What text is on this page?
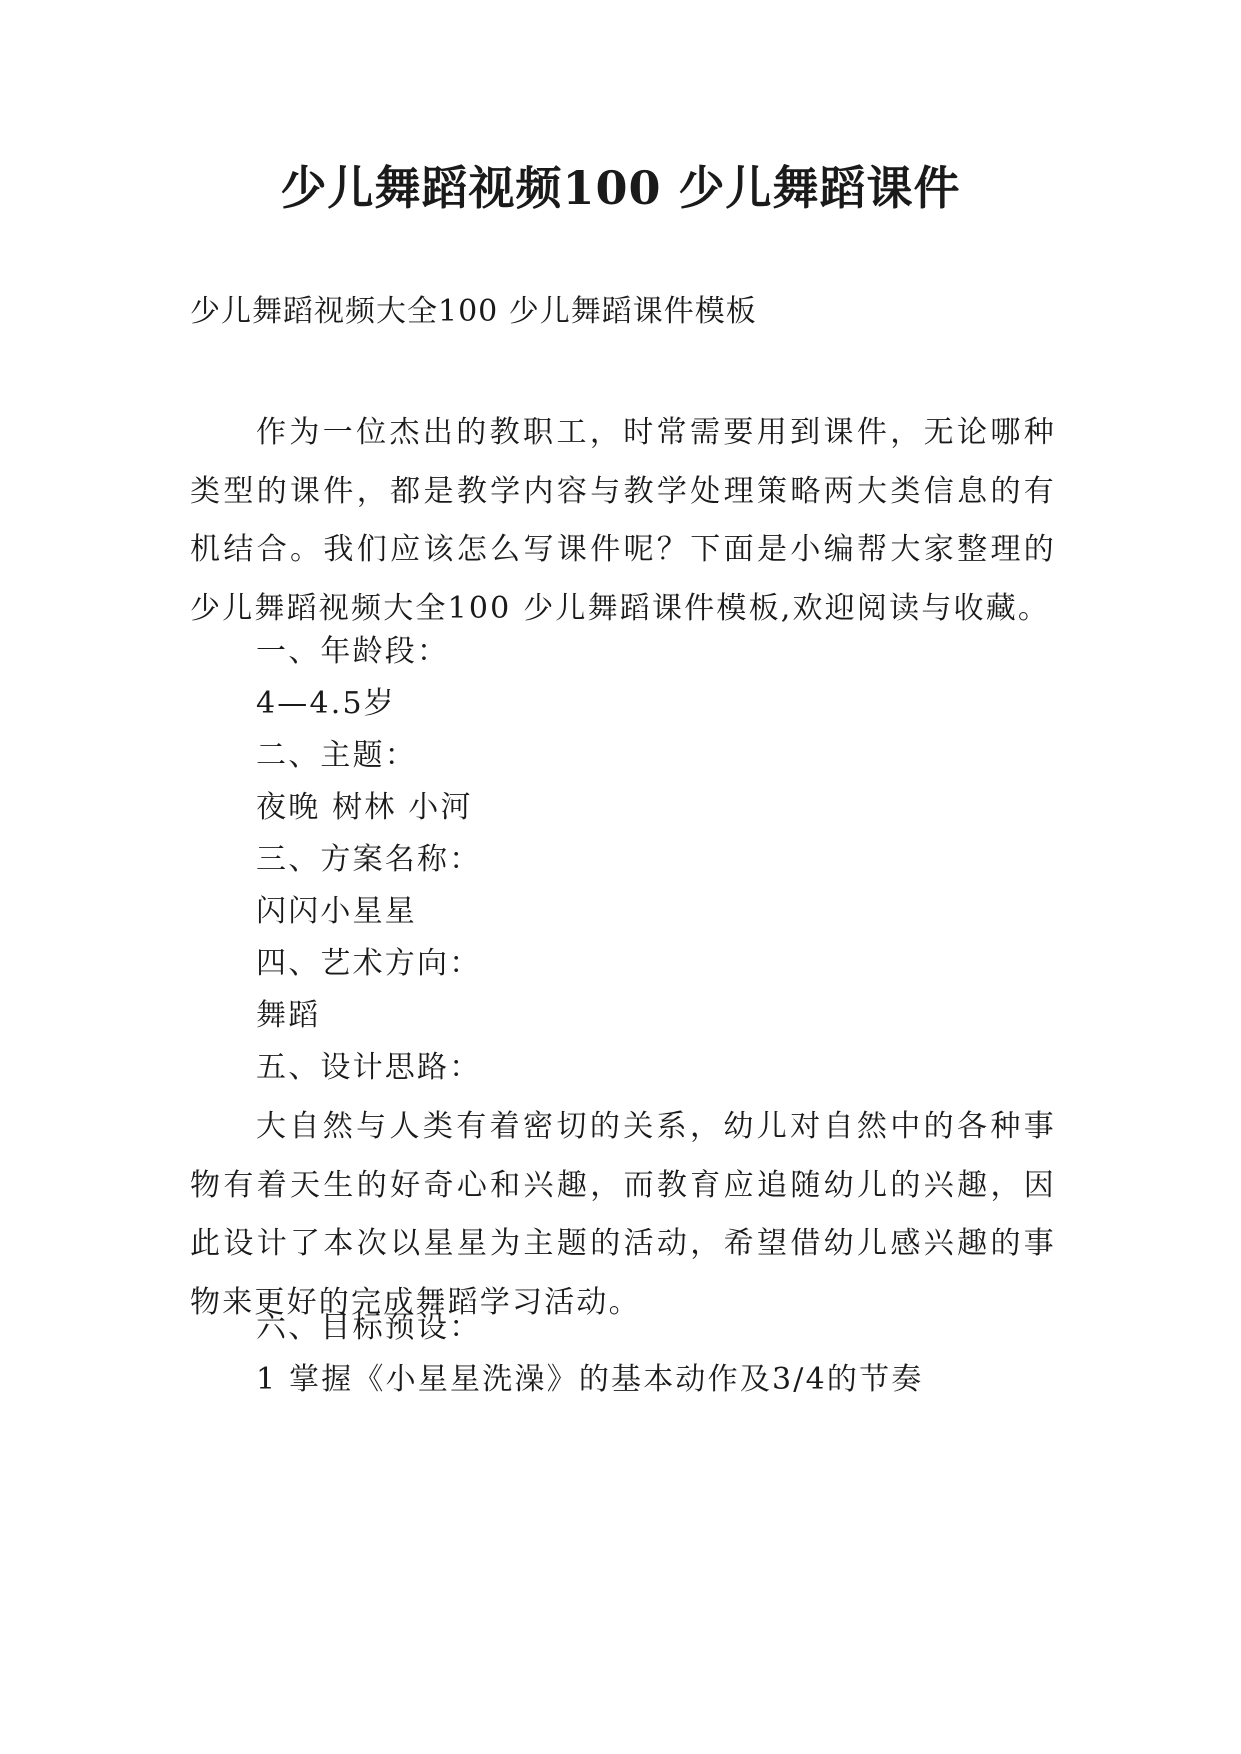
少儿舞蹈视频100 少儿舞蹈课件
少儿舞蹈视频大全100 少儿舞蹈课件模板

作为一位杰出的教职工，时常需要用到课件，无论哪种类型的课件，都是教学内容与教学处理策略两大类信息的有机结合。我们应该怎么写课件呢？下面是小编帮大家整理的少儿舞蹈视频大全100 少儿舞蹈课件模板,欢迎阅读与收藏。

一、年龄段：
4—4.5岁
二、主题：
夜晚 树林 小河
三、方案名称：
闪闪小星星
四、艺术方向：
舞蹈
五、设计思路：

大自然与人类有着密切的关系，幼儿对自然中的各种事物有着天生的好奇心和兴趣，而教育应追随幼儿的兴趣，因此设计了本次以星星为主题的活动，希望借幼儿感兴趣的事物来更好的完成舞蹈学习活动。

六、目标预设：
1 掌握《小星星洗澡》的基本动作及3/4的节奏
